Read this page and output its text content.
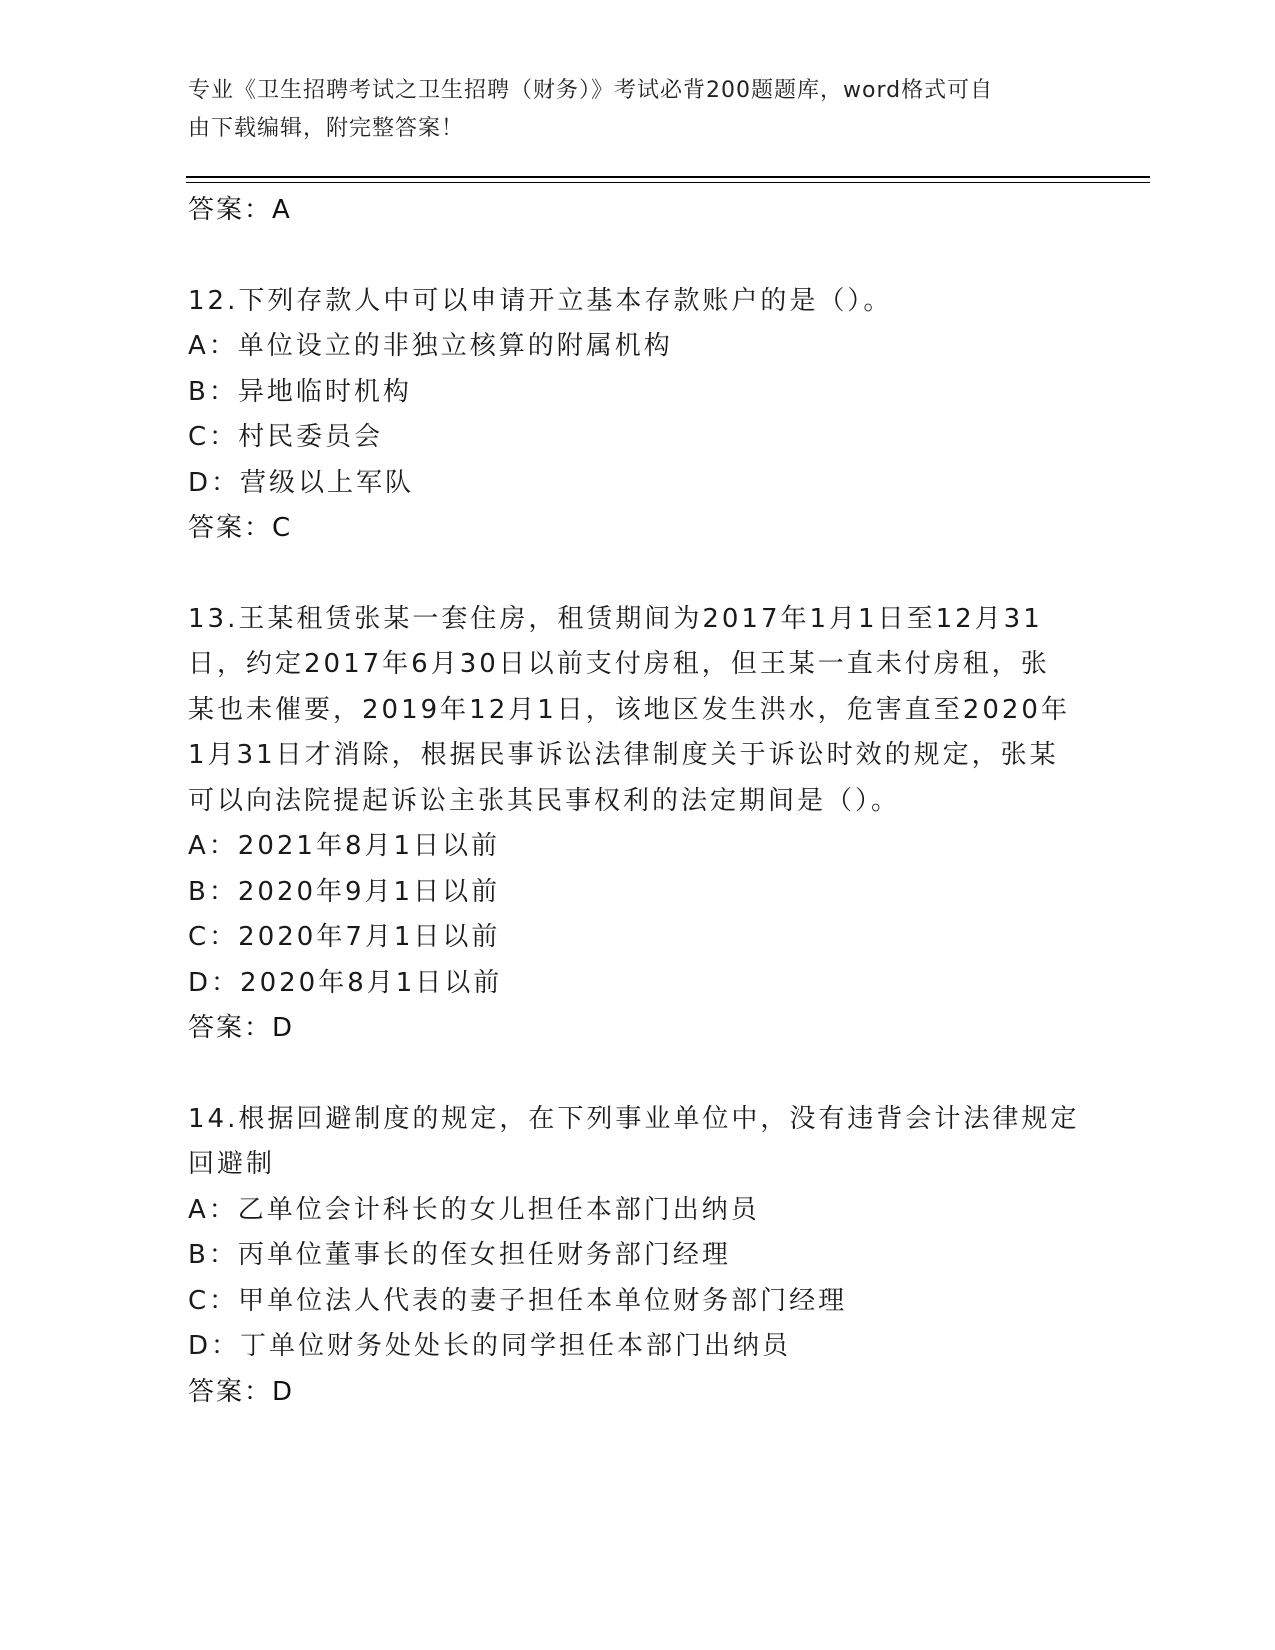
专业《卫生招聘考试之卫生招聘（财务）》考试必背200题题库，word格式可自
由下载编辑，附完整答案！
答案：A
12.下列存款人中可以申请开立基本存款账户的是（）。
A：单位设立的非独立核算的附属机构
B：异地临时机构
C：村民委员会
D：营级以上军队
答案：C
13.王某租赁张某一套住房，租赁期间为2017年1月1日至12月31
日，约定2017年6月30日以前支付房租，但王某一直未付房租，张
某也未催要，2019年12月1日，该地区发生洪水，危害直至2020年
1月31日才消除，根据民事诉讼法律制度关于诉讼时效的规定，张某
可以向法院提起诉讼主张其民事权利的法定期间是（）。
A：2021年8月1日以前
B：2020年9月1日以前
C：2020年7月1日以前
D：2020年8月1日以前
答案：D
14.根据回避制度的规定，在下列事业单位中，没有违背会计法律规定
回避制
A：乙单位会计科长的女儿担任本部门出纳员
B：丙单位董事长的侄女担任财务部门经理
C：甲单位法人代表的妻子担任本单位财务部门经理
D：丁单位财务处处长的同学担任本部门出纳员
答案：D
